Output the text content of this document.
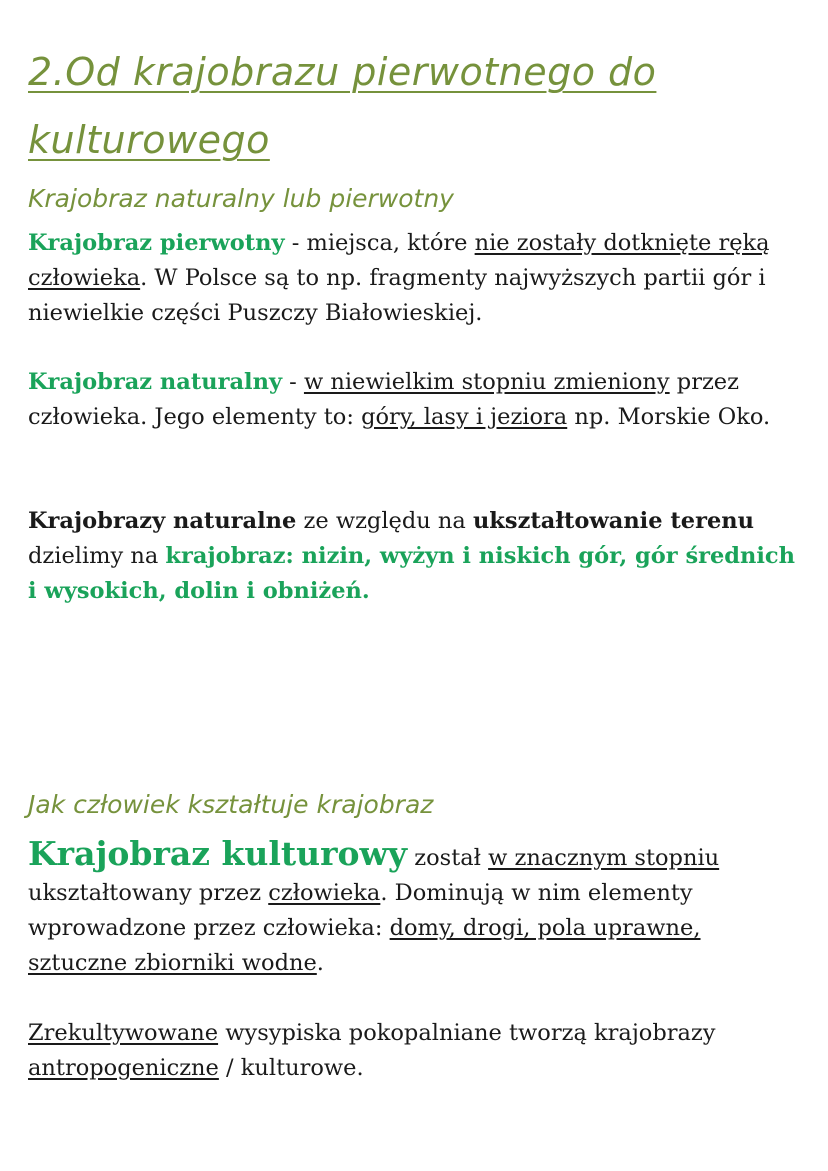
2.Od krajobrazu pierwotnego do kulturowego
Krajobraz naturalny lub pierwotny

Krajobraz pierwotny - miejsca, które nie zostały dotknięte ręką człowieka. W Polsce są to np. fragmenty najwyższych partii gór i niewielkie części Puszczy Białowieskiej.

Krajobraz naturalny - w niewielkim stopniu zmieniony przez człowieka. Jego elementy to: góry, lasy i jeziora np. Morskie Oko.

Krajobrazy naturalne ze względu na ukształtowanie terenu dzielimy na krajobraz: nizin, wyżyn i niskich gór, gór średnich i wysokich, dolin i obniżeń.

Jak człowiek kształtuje krajobraz

Krajobraz kulturowy został w znacznym stopniu ukształtowany przez człowieka. Dominują w nim elementy wprowadzone przez człowieka: domy, drogi, pola uprawne, sztuczne zbiorniki wodne.

Zrekultywowane wysypiska pokopalniane tworzą krajobrazy antropogeniczne / kulturowe.
